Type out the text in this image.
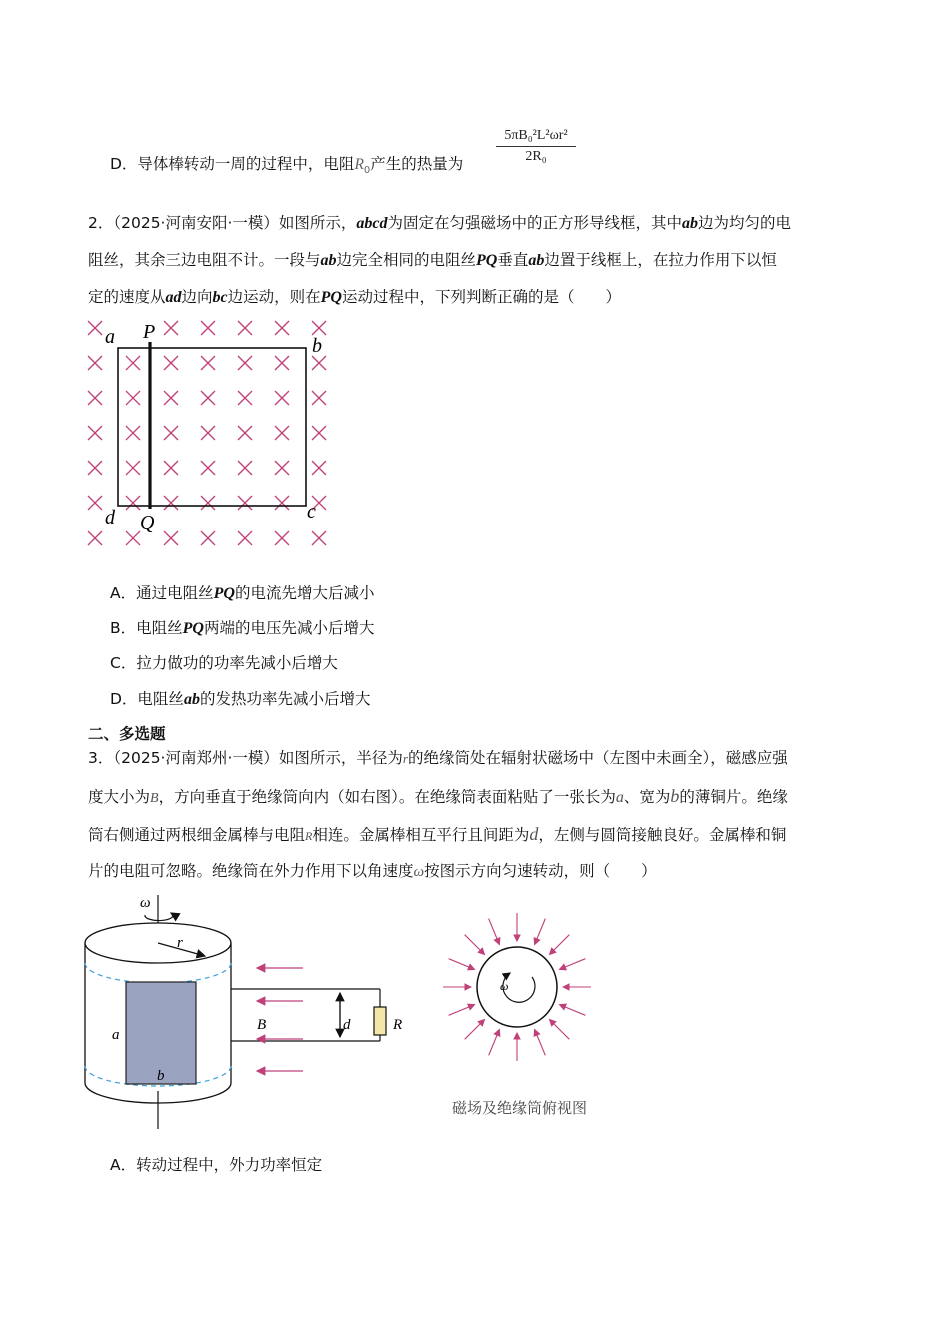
D．导体棒转动一周的过程中，电阻$R_0$产生的热量为
5πB₀²L²ωr²
2R₀
2．（2025·河南安阳·一模）如图所示，abcd为固定在匀强磁场中的正方形导线框，其中ab边为均匀的电
阻丝，其余三边电阻不计。一段与ab边完全相同的电阻丝PQ垂直ab边置于线框上，在拉力作用下以恒
定的速度从ad边向bc边运动，则在PQ运动过程中，下列判断正确的是（　　）
a P
b
d Q	c
A．通过电阻丝PQ的电流先增大后减小
B．电阻丝PQ两端的电压先减小后增大
C．拉力做功的功率先减小后增大
D．电阻丝ab的发热功率先减小后增大
二、多选题
3．（2025·河南郑州·一模）如图所示，半径为r的绝缘筒处在辐射状磁场中（左图中未画全），磁感应强
度大小为B，方向垂直于绝缘筒向内（如右图）。在绝缘筒表面粘贴了一张长为a、宽为b的薄铜片。绝缘
筒右侧通过两根细金属棒与电阻R相连。金属棒相互平行且间距为d，左侧与圆筒接触良好。金属棒和铜
片的电阻可忽略。绝缘筒在外力作用下以角速度ω按图示方向匀速转动，则（　　）
ω
r
a
b
R
d
B
ω
磁场及绝缘筒俯视图
A．转动过程中，外力功率恒定
